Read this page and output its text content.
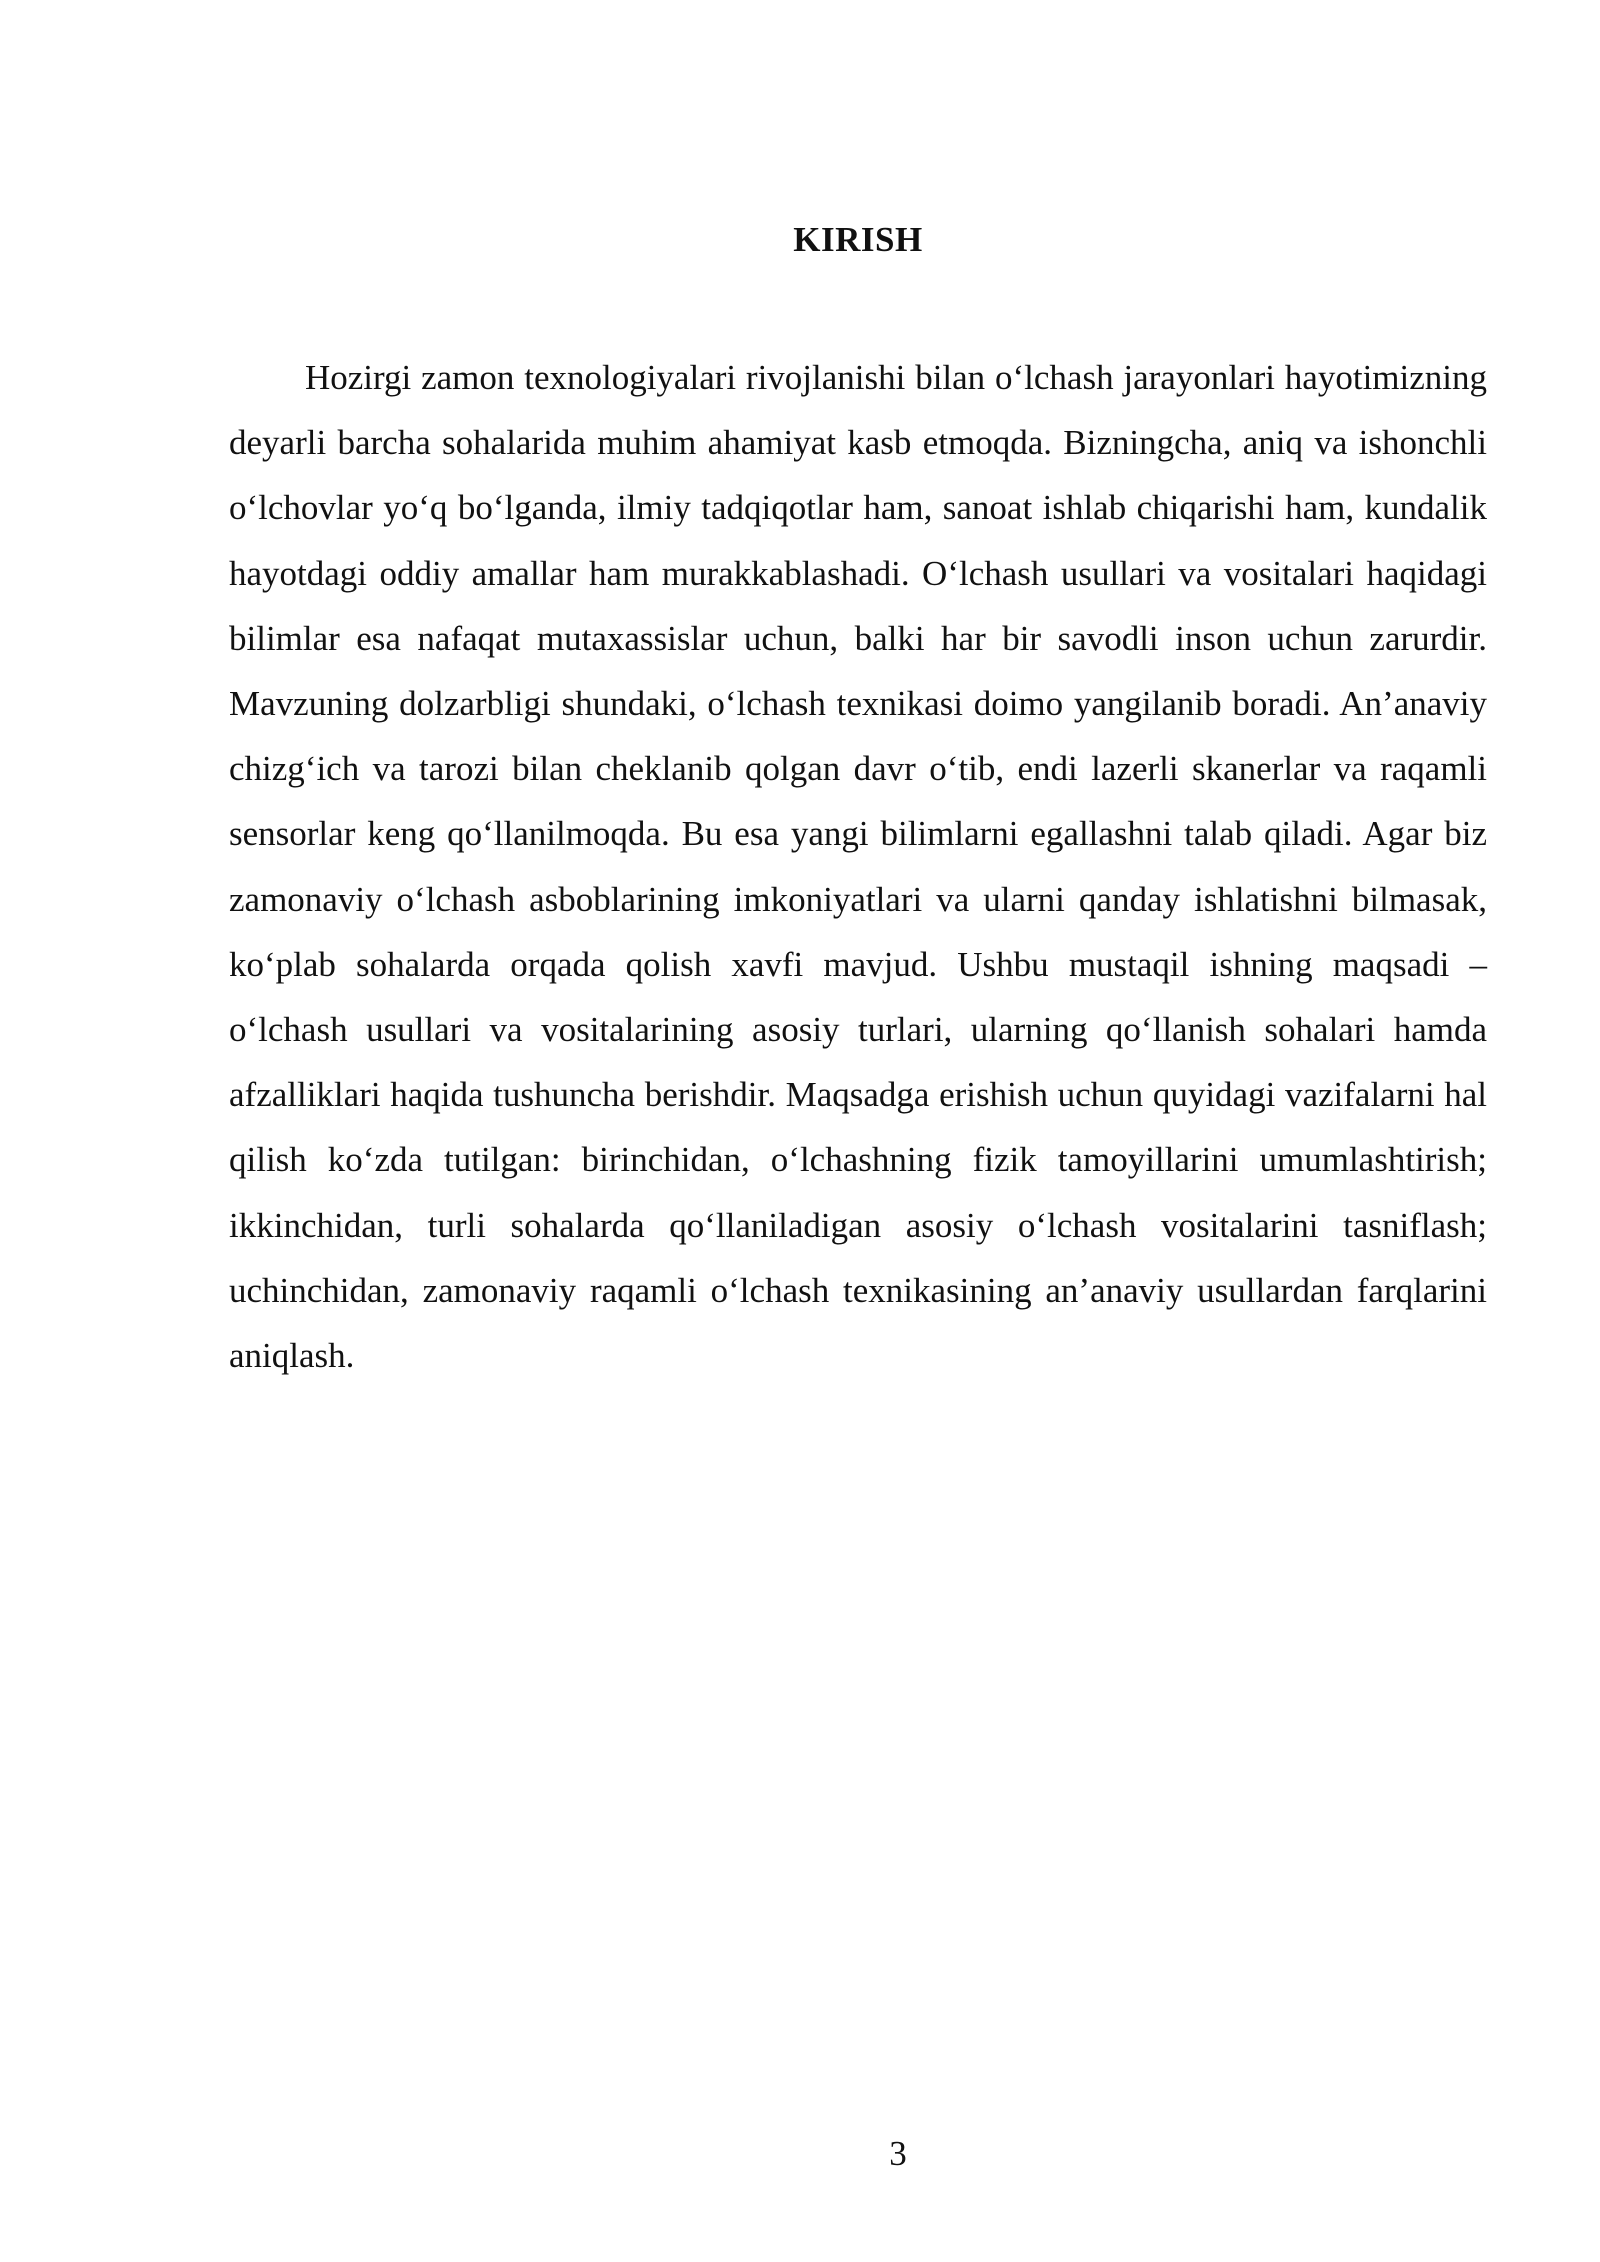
KIRISH

Hozirgi zamon texnologiyalari rivojlanishi bilan o‘lchash jarayonlari hayotimizning deyarli barcha sohalarida muhim ahamiyat kasb etmoqda. Bizningcha, aniq va ishonchli o‘lchovlar yo‘q bo‘lganda, ilmiy tadqiqotlar ham, sanoat ishlab chiqarishi ham, kundalik hayotdagi oddiy amallar ham murakkablashadi. O‘lchash usullari va vositalari haqidagi bilimlar esa nafaqat mutaxassislar uchun, balki har bir savodli inson uchun zarurdir. Mavzuning dolzarbligi shundaki, o‘lchash texnikasi doimo yangilanib boradi. An’anaviy chizg‘ich va tarozi bilan cheklanib qolgan davr o‘tib, endi lazerli skanerlar va raqamli sensorlar keng qo‘llanilmoqda. Bu esa yangi bilimlarni egallashni talab qiladi. Agar biz zamonaviy o‘lchash asboblarining imkoniyatlari va ularni qanday ishlatishni bilmasak, ko‘plab sohalarda orqada qolish xavfi mavjud. Ushbu mustaqil ishning maqsadi – o‘lchash usullari va vositalarining asosiy turlari, ularning qo‘llanish sohalari hamda afzalliklari haqida tushuncha berishdir. Maqsadga erishish uchun quyidagi vazifalarni hal qilish ko‘zda tutilgan: birinchidan, o‘lchashning fizik tamoyillarini umumlashtirish; ikkinchidan, turli sohalarda qo‘llaniladigan asosiy o‘lchash vositalarini tasniflash; uchinchidan, zamonaviy raqamli o‘lchash texnikasining an’anaviy usullardan farqlarini aniqlash.

3
